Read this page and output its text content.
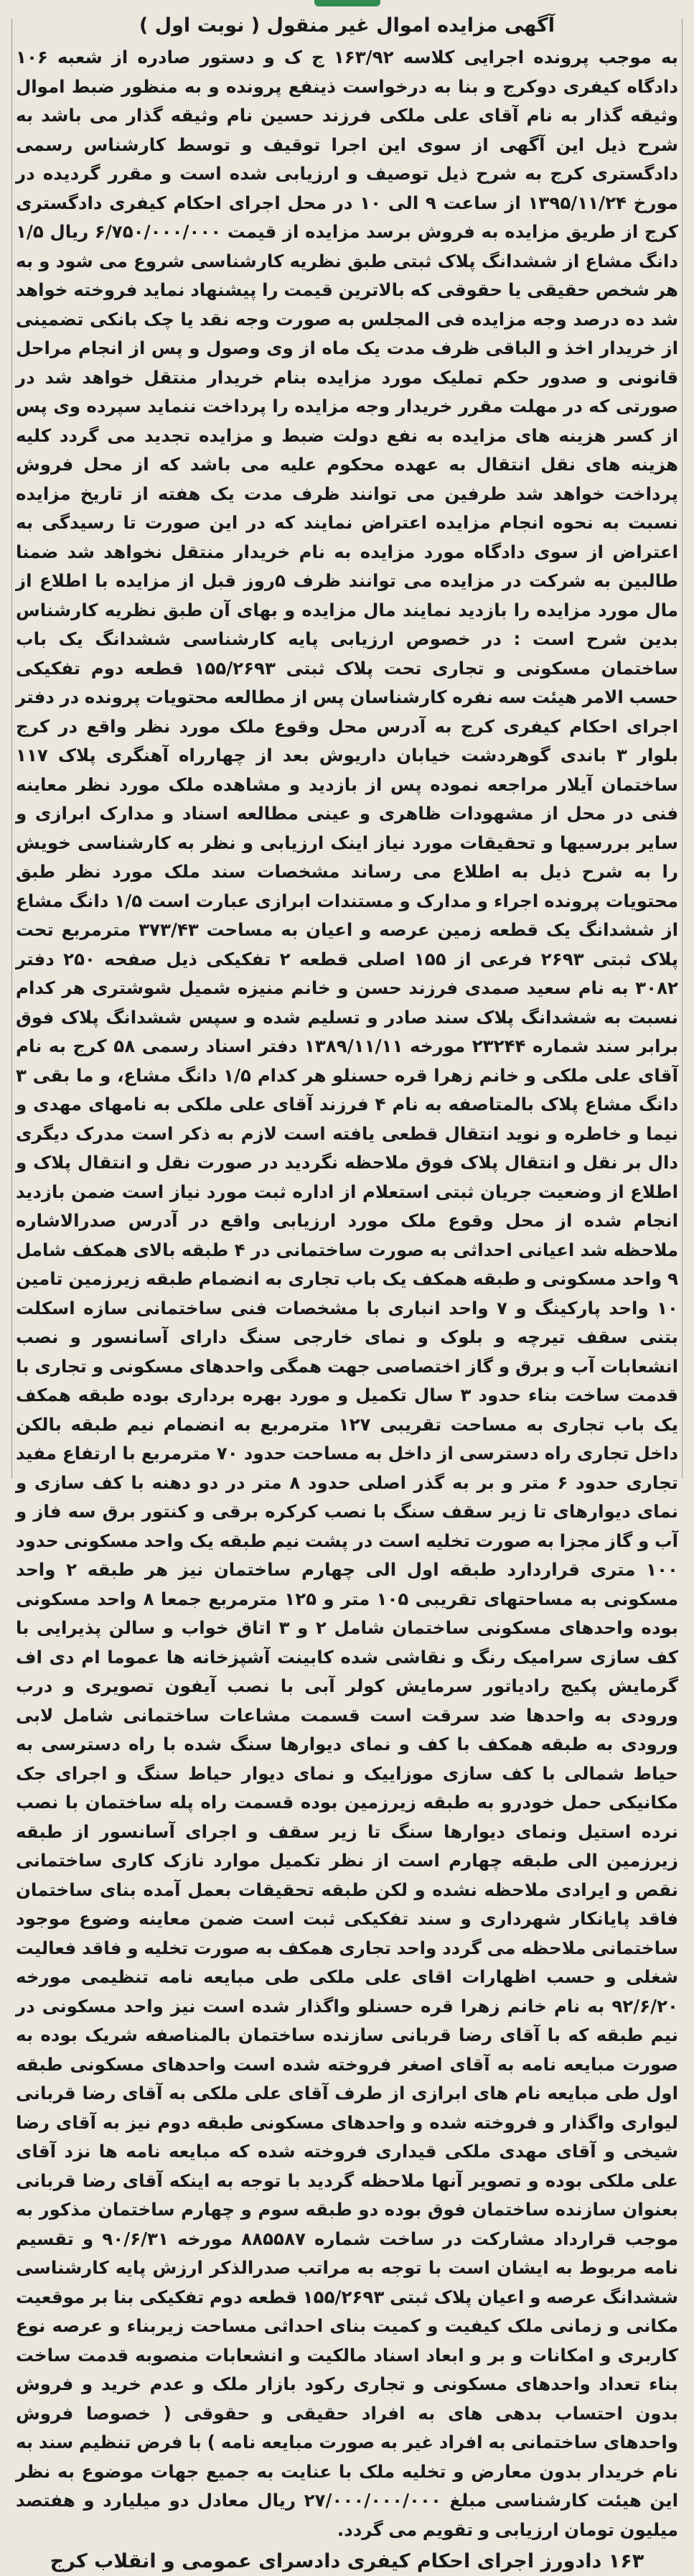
آگهی مزایده اموال غیر منقول ( نوبت اول )

به موجب پرونده اجرایی کلاسه ۱۶۳/۹۲ ج ک و دستور صادره از شعبه ۱۰۶ دادگاه کیفری دوکرج و بنا به درخواست ذینفع پرونده و به منظور ضبط اموال وثیقه گذار به نام آقای علی ملکی فرزند حسین نام وثیقه گذار می باشد به شرح ذیل این آگهی از سوی این اجرا توقیف و توسط کارشناس رسمی دادگستری کرج به شرح ذیل توصیف و ارزیابی شده است و مقرر گردیده در مورخ ۱۳۹۵/۱۱/۲۴ از ساعت ۹ الی ۱۰ در محل اجرای احکام کیفری دادگستری کرج از طریق مزایده به فروش برسد مزایده از قیمت ۶/۷۵۰/۰۰۰/۰۰۰ ریال ۱/۵ دانگ مشاع از ششدانگ پلاک ثبتی طبق نظریه کارشناسی شروع می شود و به هر شخص حقیقی یا حقوقی که بالاترین قیمت را پیشنهاد نماید فروخته خواهد شد ده درصد وجه مزایده فی المجلس به صورت وجه نقد یا چک بانکی تضمینی از خریدار اخذ و الباقی ظرف مدت یک ماه از وی وصول و پس از انجام مراحل قانونی و صدور حکم تملیک مورد مزایده بنام خریدار منتقل خواهد شد در صورتی که در مهلت مقرر خریدار وجه مزایده را پرداخت ننماید سپرده وی پس از کسر هزینه های مزایده به نفع دولت ضبط و مزایده تجدید می گردد کلیه هزینه های نقل انتقال به عهده محکوم علیه می باشد که از محل فروش پرداخت خواهد شد طرفین می توانند ظرف مدت یک هفته از تاریخ مزایده نسبت به نحوه انجام مزایده اعتراض نمایند که در این صورت تا رسیدگی به اعتراض از سوی دادگاه مورد مزایده به نام خریدار منتقل نخواهد شد ضمنا طالبین به شرکت در مزایده می توانند ظرف ۵روز قبل از مزایده با اطلاع از مال مورد مزایده را بازدید نمایند مال مزایده و بهای آن طبق نظریه کارشناس بدین شرح است : در خصوص ارزیابی پایه کارشناسی ششدانگ یک باب ساختمان مسکونی و تجاری تحت پلاک ثبتی ۱۵۵/۲۶۹۳ قطعه دوم تفکیکی حسب الامر هیئت سه نفره کارشناسان پس از مطالعه محتویات پرونده در دفتر اجرای احکام کیفری کرج به آدرس محل وقوع ملک مورد نظر واقع در کرج بلوار ۳ باندی گوهردشت خیابان داریوش بعد از چهارراه آهنگری پلاک ۱۱۷ ساختمان آیلار مراجعه نموده پس از بازدید و مشاهده ملک مورد نظر معاینه فنی در محل از مشهودات ظاهری و عینی مطالعه اسناد و مدارک ابرازی و سایر بررسیها و تحقیقات مورد نیاز اینک ارزیابی و نظر به کارشناسی خویش را به شرح ذیل به اطلاع می رساند مشخصات سند ملک مورد نظر طبق محتویات پرونده اجراء و مدارک و مستندات ابرازی عبارت است ۱/۵ دانگ مشاع از ششدانگ یک قطعه زمین عرصه و اعیان به مساحت ۳۷۳/۴۳ مترمربع تحت پلاک ثبتی ۲۶۹۳ فرعی از ۱۵۵ اصلی قطعه ۲ تفکیکی ذیل صفحه ۲۵۰ دفتر ۳۰۸۲ به نام سعید صمدی فرزند حسن و خانم منیزه شمیل شوشتری هر کدام نسبت به ششدانگ پلاک سند صادر و تسلیم شده و سپس ششدانگ پلاک فوق برابر سند شماره ۲۳۲۴۴ مورخه ۱۳۸۹/۱۱/۱۱ دفتر اسناد رسمی ۵۸ کرج به نام آقای علی ملکی و خانم زهرا قره حسنلو هر کدام ۱/۵ دانگ مشاع، و ما بقی ۳ دانگ مشاع پلاک بالمتاصفه به نام ۴ فرزند آقای علی ملکی به نامهای مهدی و نیما و خاطره و نوید انتقال قطعی یافته است لازم به ذکر است مدرک دیگری دال بر نقل و انتقال پلاک فوق ملاحظه نگردید در صورت نقل و انتقال پلاک و اطلاع از وضعیت جریان ثبتی استعلام از اداره ثبت مورد نیاز است ضمن بازدید انجام شده از محل وقوع ملک مورد ارزیابی واقع در آدرس صدرالاشاره ملاحظه شد اعیانی احداثی به صورت ساختمانی در ۴ طبقه بالای همکف شامل ۹ واحد مسکونی و طبقه همکف یک باب تجاری به انضمام طبقه زیرزمین تامین ۱۰ واحد پارکینگ و ۷ واحد انباری با مشخصات فنی ساختمانی سازه اسکلت بتنی سقف تیرچه و بلوک و نمای خارجی سنگ دارای آسانسور و نصب انشعابات آب و برق و گاز اختصاصی جهت همگی واحدهای مسکونی و تجاری با قدمت ساخت بناء حدود ۳ سال تکمیل و مورد بهره برداری بوده طبقه همکف یک باب تجاری به مساحت تقریبی ۱۲۷ مترمربع به انضمام نیم طبقه بالکن داخل تجاری راه دسترسی از داخل به مساحت حدود ۷۰ مترمربع با ارتفاع مفید تجاری حدود ۶ متر و بر به گذر اصلی حدود ۸ متر در دو دهنه با کف سازی و نمای دیوارهای تا زیر سقف سنگ با نصب کرکره برقی و کنتور برق سه فاز و آب و گاز مجزا به صورت تخلیه است در پشت نیم طبقه یک واحد مسکونی حدود ۱۰۰ متری قراردارد طبقه اول الی چهارم ساختمان نیز هر طبقه ۲ واحد مسکونی به مساحتهای تقریبی ۱۰۵ متر و ۱۲۵ مترمربع جمعا ۸ واحد مسکونی بوده واحدهای مسکونی ساختمان شامل ۲ و ۳ اتاق خواب و سالن پذیرایی با کف سازی سرامیک رنگ و نقاشی شده کابینت آشپزخانه ها عموما ام دی اف گرمایش پکیج رادیاتور سرمایش کولر آبی با نصب آیفون تصویری و درب ورودی به واحدها ضد سرقت است قسمت مشاعات ساختمانی شامل لابی ورودی به طبقه همکف با کف و نمای دیوارها سنگ شده با راه دسترسی به حیاط شمالی با کف سازی موزاییک و نمای دیوار حیاط سنگ و اجرای جک مکانیکی حمل خودرو به طبقه زیرزمین بوده قسمت راه پله ساختمان با نصب نرده استیل ونمای دیوارها سنگ تا زیر سقف و اجرای آسانسور از طبقه زیرزمین الی طبقه چهارم است از نظر تکمیل موارد نازک کاری ساختمانی نقص و ایرادی ملاحظه نشده و لکن طبقه تحقیقات بعمل آمده بنای ساختمان فاقد پایانکار شهرداری و سند تفکیکی ثبت است ضمن معاینه وضوع موجود ساختمانی ملاحظه می گردد واحد تجاری همکف به صورت تخلیه و فاقد فعالیت شغلی و حسب اظهارات اقای علی ملکی طی مبایعه نامه تنظیمی مورخه ۹۲/۶/۲۰ به نام خانم زهرا قره حسنلو واگذار شده است نیز واحد مسکونی در نیم طبقه که با آقای رضا قربانی سازنده ساختمان بالمناصفه شریک بوده به صورت مبایعه نامه به آقای اصغر فروخته شده است واحدهای مسکونی طبقه اول طی مبایعه نام های ابرازی از طرف آقای علی ملکی به آقای رضا قربانی لیواری واگذار و فروخته شده و واحدهای مسکونی طبقه دوم نیز به آقای رضا شیخی و آقای مهدی ملکی قیداری فروخته شده که مبایعه نامه ها نزد آقای علی ملکی بوده و تصویر آنها ملاحظه گردید با توجه به اینکه آقای رضا قربانی بعنوان سازنده ساختمان فوق بوده دو طبقه سوم و چهارم ساختمان مذکور به موجب قرارداد مشارکت در ساخت شماره ۸۸۵۵۸۷ مورخه ۹۰/۶/۳۱ و تقسیم نامه مربوط به ایشان است با توجه به مراتب صدرالذکر ارزش پایه کارشناسی ششدانگ عرصه و اعیان پلاک ثبتی ۱۵۵/۲۶۹۳ قطعه دوم تفکیکی بنا بر موقعیت مکانی و زمانی ملک کیفیت و کمیت بنای احداثی مساحت زیربناء و عرصه نوع کاربری و امکانات و بر و ابعاد اسناد مالکیت و انشعابات منصوبه قدمت ساخت بناء تعداد واحدهای مسکونی و تجاری رکود بازار ملک و عدم خرید و فروش بدون احتساب بدهی های به افراد حقیقی و حقوقی ( خصوصا فروش واحدهای ساختمانی به افراد غیر به صورت مبایعه نامه ) با فرض تنظیم سند به نام خریدار بدون معارض و تخلیه ملک با عنایت به جمیع جهات موضوع به نظر این هیئت کارشناسی مبلغ ۲۷/۰۰۰/۰۰۰/۰۰۰ ریال معادل دو میلیارد و هفتصد میلیون تومان ارزیابی و تقویم می گردد.

۱۶۳ دادورز اجرای احکام کیفری دادسرای عمومی و انقلاب کرج
